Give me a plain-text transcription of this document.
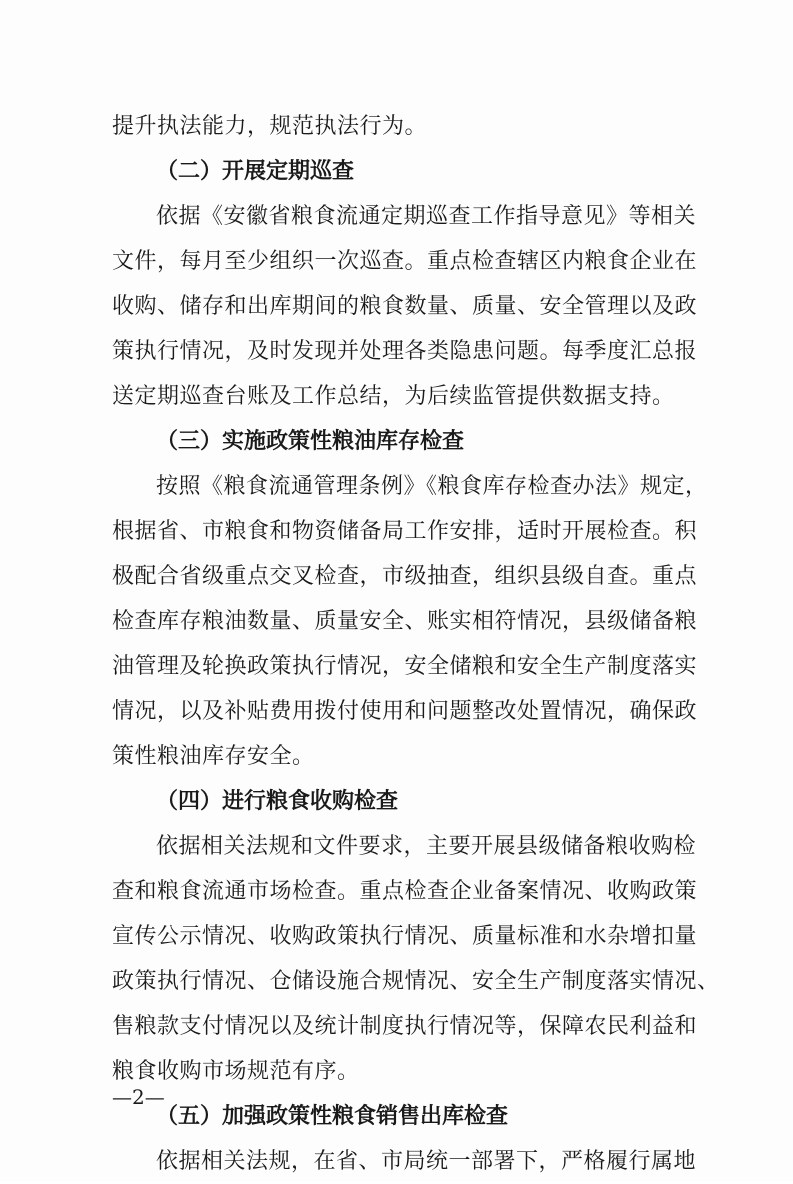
提升执法能力，规范执法行为。
（二）开展定期巡查
依据《安徽省粮食流通定期巡查工作指导意见》等相关
文件，每月至少组织一次巡查。重点检查辖区内粮食企业在
收购、储存和出库期间的粮食数量、质量、安全管理以及政
策执行情况，及时发现并处理各类隐患问题。每季度汇总报
送定期巡查台账及工作总结，为后续监管提供数据支持。
（三）实施政策性粮油库存检查
按照《粮食流通管理条例》《粮食库存检查办法》规定，
根据省、市粮食和物资储备局工作安排，适时开展检查。积
极配合省级重点交叉检查，市级抽查，组织县级自查。重点
检查库存粮油数量、质量安全、账实相符情况，县级储备粮
油管理及轮换政策执行情况，安全储粮和安全生产制度落实
情况，以及补贴费用拨付使用和问题整改处置情况，确保政
策性粮油库存安全。
（四）进行粮食收购检查
依据相关法规和文件要求，主要开展县级储备粮收购检
查和粮食流通市场检查。重点检查企业备案情况、收购政策
宣传公示情况、收购政策执行情况、质量标准和水杂增扣量
政策执行情况、仓储设施合规情况、安全生产制度落实情况、
售粮款支付情况以及统计制度执行情况等，保障农民利益和
粮食收购市场规范有序。
（五）加强政策性粮食销售出库检查
依据相关法规，在省、市局统一部署下，严格履行属地
—2—
